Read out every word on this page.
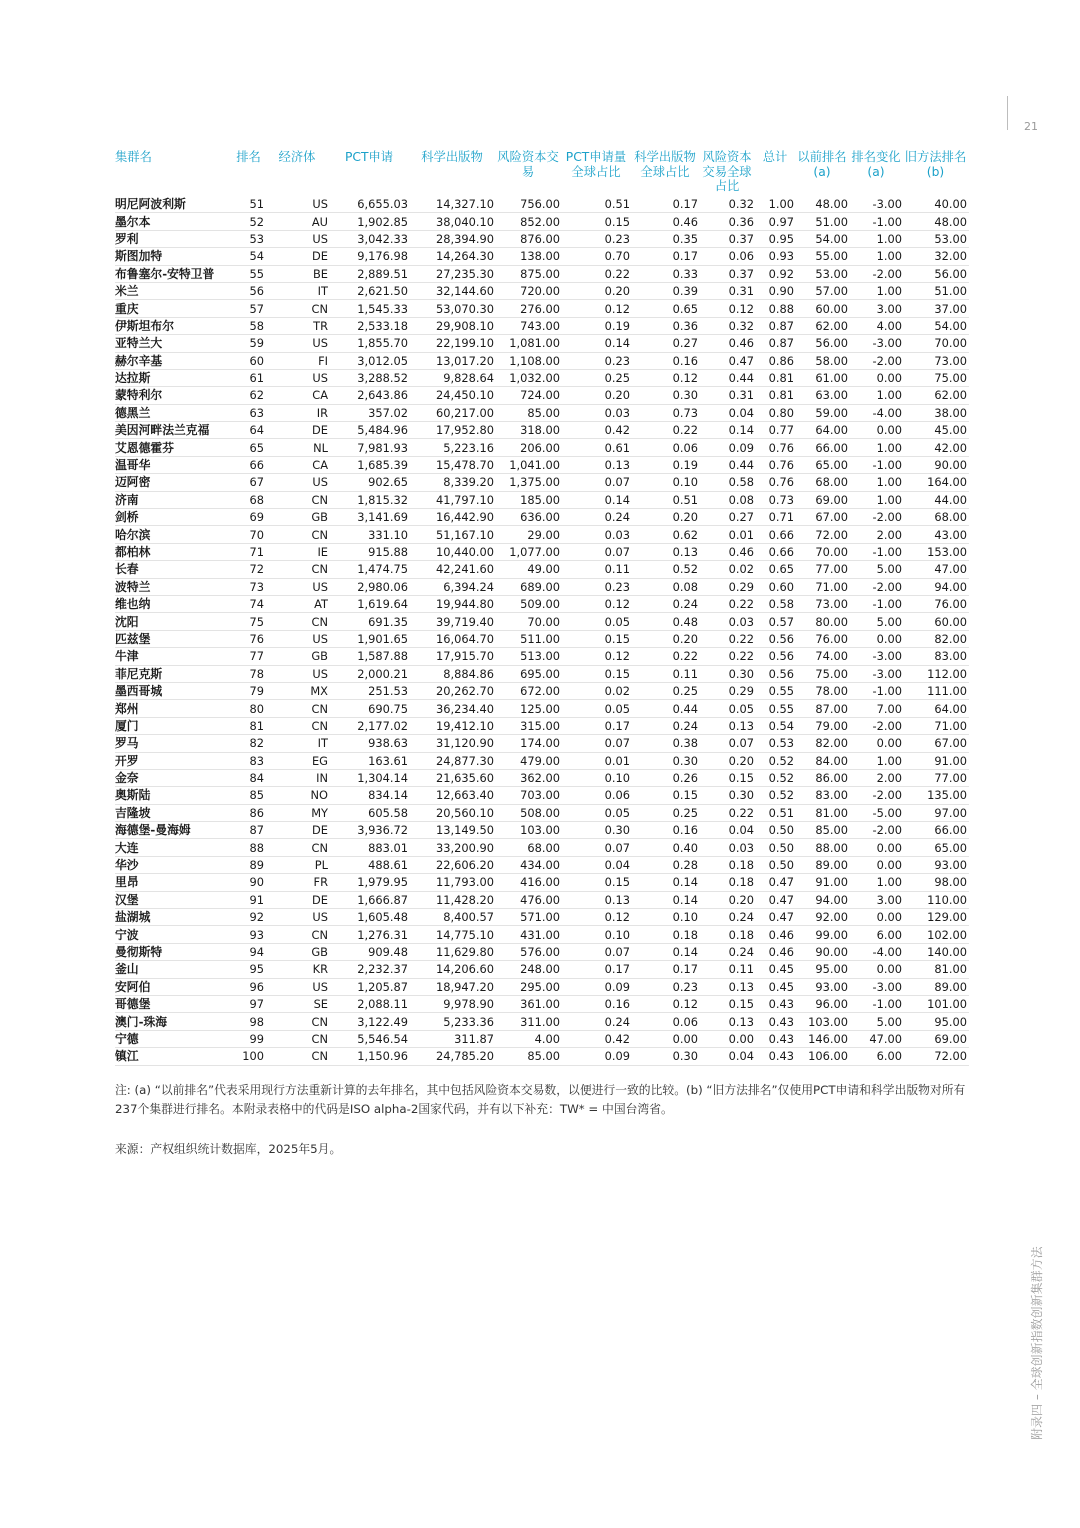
21
集群名	排名	经济体	PCT申请	科学出版物	风险资本交易	PCT申请量全球占比	科学出版物全球占比	风险资本交易全球占比	总计	以前排名(a)	排名变化(a)	旧方法排名(b)
明尼阿波利斯	51	US	6,655.03	14,327.10	756.00	0.51	0.17	0.32	1.00	48.00	-3.00	40.00
墨尔本	52	AU	1,902.85	38,040.10	852.00	0.15	0.46	0.36	0.97	51.00	-1.00	48.00
罗利	53	US	3,042.33	28,394.90	876.00	0.23	0.35	0.37	0.95	54.00	1.00	53.00
斯图加特	54	DE	9,176.98	14,264.30	138.00	0.70	0.17	0.06	0.93	55.00	1.00	32.00
布鲁塞尔-安特卫普	55	BE	2,889.51	27,235.30	875.00	0.22	0.33	0.37	0.92	53.00	-2.00	56.00
米兰	56	IT	2,621.50	32,144.60	720.00	0.20	0.39	0.31	0.90	57.00	1.00	51.00
重庆	57	CN	1,545.33	53,070.30	276.00	0.12	0.65	0.12	0.88	60.00	3.00	37.00
伊斯坦布尔	58	TR	2,533.18	29,908.10	743.00	0.19	0.36	0.32	0.87	62.00	4.00	54.00
亚特兰大	59	US	1,855.70	22,199.10	1,081.00	0.14	0.27	0.46	0.87	56.00	-3.00	70.00
赫尔辛基	60	FI	3,012.05	13,017.20	1,108.00	0.23	0.16	0.47	0.86	58.00	-2.00	73.00
达拉斯	61	US	3,288.52	9,828.64	1,032.00	0.25	0.12	0.44	0.81	61.00	0.00	75.00
蒙特利尔	62	CA	2,643.86	24,450.10	724.00	0.20	0.30	0.31	0.81	63.00	1.00	62.00
德黑兰	63	IR	357.02	60,217.00	85.00	0.03	0.73	0.04	0.80	59.00	-4.00	38.00
美因河畔法兰克福	64	DE	5,484.96	17,952.80	318.00	0.42	0.22	0.14	0.77	64.00	0.00	45.00
艾恩德霍芬	65	NL	7,981.93	5,223.16	206.00	0.61	0.06	0.09	0.76	66.00	1.00	42.00
温哥华	66	CA	1,685.39	15,478.70	1,041.00	0.13	0.19	0.44	0.76	65.00	-1.00	90.00
迈阿密	67	US	902.65	8,339.20	1,375.00	0.07	0.10	0.58	0.76	68.00	1.00	164.00
济南	68	CN	1,815.32	41,797.10	185.00	0.14	0.51	0.08	0.73	69.00	1.00	44.00
剑桥	69	GB	3,141.69	16,442.90	636.00	0.24	0.20	0.27	0.71	67.00	-2.00	68.00
哈尔滨	70	CN	331.10	51,167.10	29.00	0.03	0.62	0.01	0.66	72.00	2.00	43.00
都柏林	71	IE	915.88	10,440.00	1,077.00	0.07	0.13	0.46	0.66	70.00	-1.00	153.00
长春	72	CN	1,474.75	42,241.60	49.00	0.11	0.52	0.02	0.65	77.00	5.00	47.00
波特兰	73	US	2,980.06	6,394.24	689.00	0.23	0.08	0.29	0.60	71.00	-2.00	94.00
维也纳	74	AT	1,619.64	19,944.80	509.00	0.12	0.24	0.22	0.58	73.00	-1.00	76.00
沈阳	75	CN	691.35	39,719.40	70.00	0.05	0.48	0.03	0.57	80.00	5.00	60.00
匹兹堡	76	US	1,901.65	16,064.70	511.00	0.15	0.20	0.22	0.56	76.00	0.00	82.00
牛津	77	GB	1,587.88	17,915.70	513.00	0.12	0.22	0.22	0.56	74.00	-3.00	83.00
菲尼克斯	78	US	2,000.21	8,884.86	695.00	0.15	0.11	0.30	0.56	75.00	-3.00	112.00
墨西哥城	79	MX	251.53	20,262.70	672.00	0.02	0.25	0.29	0.55	78.00	-1.00	111.00
郑州	80	CN	690.75	36,234.40	125.00	0.05	0.44	0.05	0.55	87.00	7.00	64.00
厦门	81	CN	2,177.02	19,412.10	315.00	0.17	0.24	0.13	0.54	79.00	-2.00	71.00
罗马	82	IT	938.63	31,120.90	174.00	0.07	0.38	0.07	0.53	82.00	0.00	67.00
开罗	83	EG	163.61	24,877.30	479.00	0.01	0.30	0.20	0.52	84.00	1.00	91.00
金奈	84	IN	1,304.14	21,635.60	362.00	0.10	0.26	0.15	0.52	86.00	2.00	77.00
奥斯陆	85	NO	834.14	12,663.40	703.00	0.06	0.15	0.30	0.52	83.00	-2.00	135.00
吉隆坡	86	MY	605.58	20,560.10	508.00	0.05	0.25	0.22	0.51	81.00	-5.00	97.00
海德堡-曼海姆	87	DE	3,936.72	13,149.50	103.00	0.30	0.16	0.04	0.50	85.00	-2.00	66.00
大连	88	CN	883.01	33,200.90	68.00	0.07	0.40	0.03	0.50	88.00	0.00	65.00
华沙	89	PL	488.61	22,606.20	434.00	0.04	0.28	0.18	0.50	89.00	0.00	93.00
里昂	90	FR	1,979.95	11,793.00	416.00	0.15	0.14	0.18	0.47	91.00	1.00	98.00
汉堡	91	DE	1,666.87	11,428.20	476.00	0.13	0.14	0.20	0.47	94.00	3.00	110.00
盐湖城	92	US	1,605.48	8,400.57	571.00	0.12	0.10	0.24	0.47	92.00	0.00	129.00
宁波	93	CN	1,276.31	14,775.10	431.00	0.10	0.18	0.18	0.46	99.00	6.00	102.00
曼彻斯特	94	GB	909.48	11,629.80	576.00	0.07	0.14	0.24	0.46	90.00	-4.00	140.00
釜山	95	KR	2,232.37	14,206.60	248.00	0.17	0.17	0.11	0.45	95.00	0.00	81.00
安阿伯	96	US	1,205.87	18,947.20	295.00	0.09	0.23	0.13	0.45	93.00	-3.00	89.00
哥德堡	97	SE	2,088.11	9,978.90	361.00	0.16	0.12	0.15	0.43	96.00	-1.00	101.00
澳门-珠海	98	CN	3,122.49	5,233.36	311.00	0.24	0.06	0.13	0.43	103.00	5.00	95.00
宁德	99	CN	5,546.54	311.87	4.00	0.42	0.00	0.00	0.43	146.00	47.00	69.00
镇江	100	CN	1,150.96	24,785.20	85.00	0.09	0.30	0.04	0.43	106.00	6.00	72.00
注: (a) “以前排名”代表采用现行方法重新计算的去年排名，其中包括风险资本交易数，以便进行一致的比较。(b) “旧方法排名”仅使用PCT申请和科学出版物对所有237个集群进行排名。本附录表格中的代码是ISO alpha-2国家代码，并有以下补充：TW* = 中国台湾省。
来源：产权组织统计数据库，2025年5月。
附录四 – 全球创新指数创新集群方法
